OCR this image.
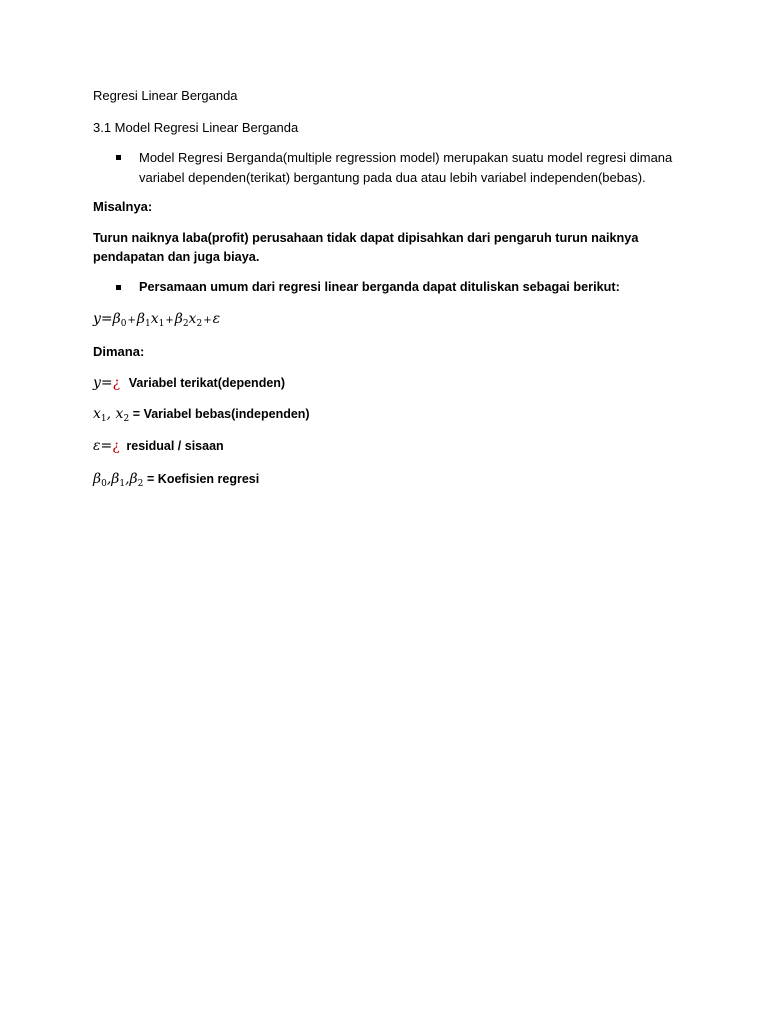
Regresi Linear Berganda
3.1 Model Regresi Linear Berganda
Model Regresi Berganda(multiple regression model) merupakan suatu model regresi dimana
variabel dependen(terikat) bergantung pada dua atau lebih variabel independen(bebas).
Misalnya:
Turun naiknya laba(profit) perusahaan tidak dapat dipisahkan dari pengaruh turun naiknya
pendapatan dan juga biaya.
Persamaan umum dari regresi linear berganda dapat dituliskan sebagai berikut:
$y=\beta_0+\beta_1x_1+\beta_2x_2+\varepsilon$
Dimana:
y=¿ Variabel terikat(dependen)
$x_1$, $x_2$ = Variabel bebas(independen)
ε=¿ residual / sisaan
$\beta_0,\beta_1,\beta_2$ = Koefisien regresi
